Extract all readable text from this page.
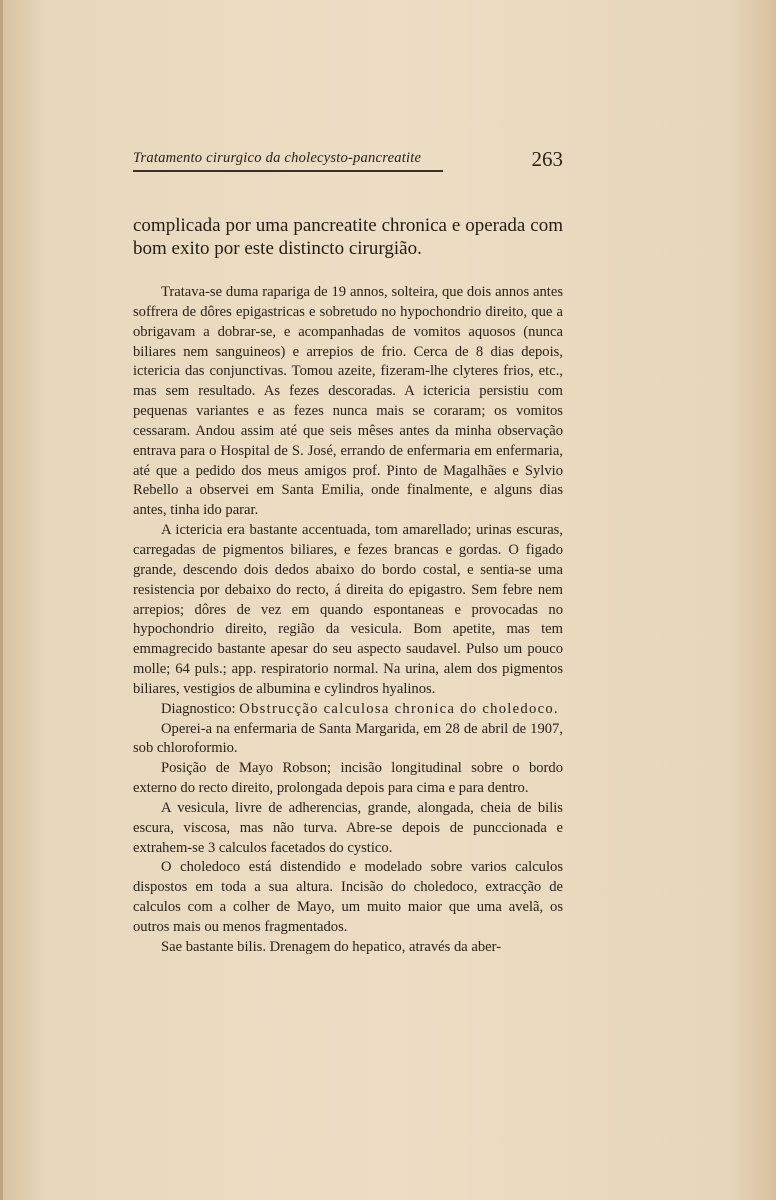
Tratamento cirurgico da cholecysto-pancreatite	263

complicada por uma pancreatite chronica e operada com bom exito por este distincto cirurgião.

Tratava-se duma rapariga de 19 annos, solteira, que dois annos antes soffrera de dôres epigastricas e sobretudo no hypochondrio direito, que a obrigavam a dobrar-se, e acompanhadas de vomitos aquosos (nunca biliares nem sanguineos) e arrepios de frio. Cerca de 8 dias depois, ictericia das conjunctivas. Tomou azeite, fizeram-lhe clyteres frios, etc., mas sem resultado. As fezes descoradas. A ictericia persistiu com pequenas variantes e as fezes nunca mais se coraram; os vomitos cessaram. Andou assim até que seis mêses antes da minha observação entrava para o Hospital de S. José, errando de enfermaria em enfermaria, até que a pedido dos meus amigos prof. Pinto de Magalhães e Sylvio Rebello a observei em Santa Emilia, onde finalmente, e alguns dias antes, tinha ido parar.

A ictericia era bastante accentuada, tom amarellado; urinas escuras, carregadas de pigmentos biliares, e fezes brancas e gordas. O figado grande, descendo dois dedos abaixo do bordo costal, e sentia-se uma resistencia por debaixo do recto, á direita do epigastro. Sem febre nem arrepios; dôres de vez em quando espontaneas e provocadas no hypochondrio direito, região da vesicula. Bom apetite, mas tem emmagrecido bastante apesar do seu aspecto saudavel. Pulso um pouco molle; 64 puls.; app. respiratorio normal. Na urina, alem dos pigmentos biliares, vestigios de albumina e cylindros hyalinos.

Diagnostico: Obstrucção calculosa chronica do choledoco.

Operei-a na enfermaria de Santa Margarida, em 28 de abril de 1907, sob chloroformio.

Posição de Mayo Robson; incisão longitudinal sobre o bordo externo do recto direito, prolongada depois para cima e para dentro.

A vesicula, livre de adherencias, grande, alongada, cheia de bilis escura, viscosa, mas não turva. Abre-se depois de punccionada e extrahem-se 3 calculos facetados do cystico.

O choledoco está distendido e modelado sobre varios calculos dispostos em toda a sua altura. Incisão do choledoco, extracção de calculos com a colher de Mayo, um muito maior que uma avelã, os outros mais ou menos fragmentados.

Sae bastante bilis. Drenagem do hepatico, através da aber-
